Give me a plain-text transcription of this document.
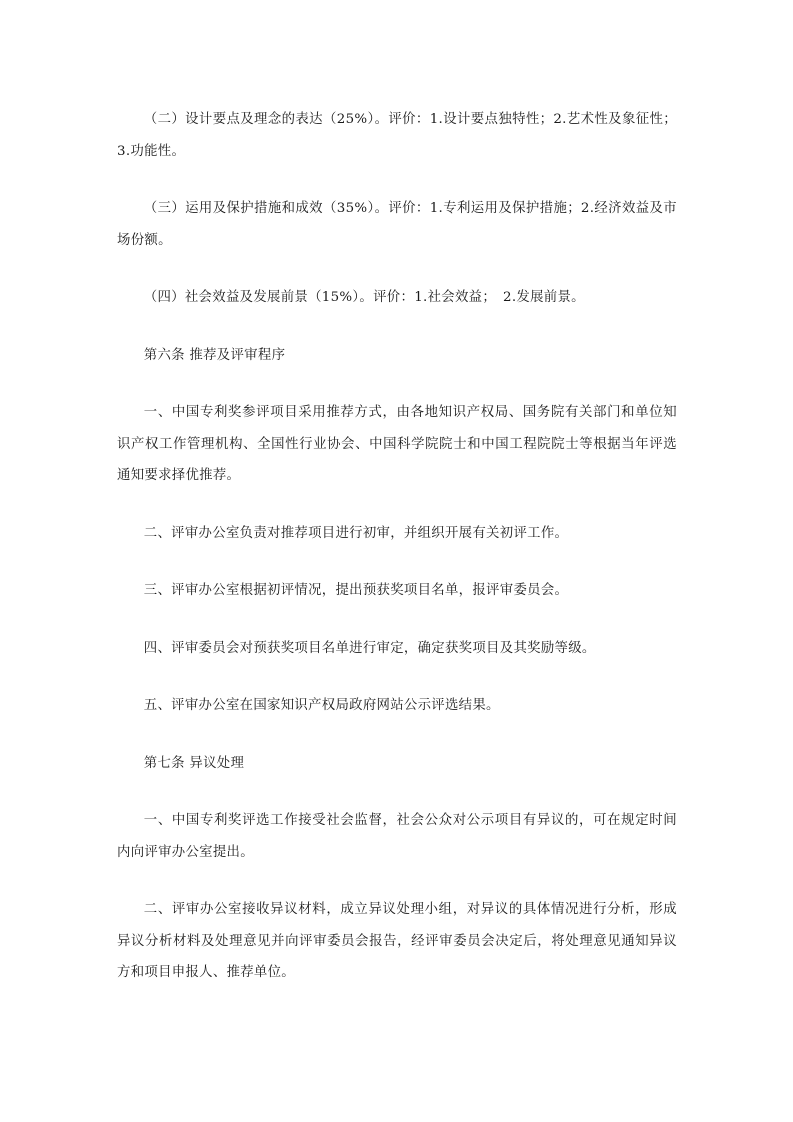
（二）设计要点及理念的表达（25%）。评价：1.设计要点独特性；2.艺术性及象征性；3.功能性。

（三）运用及保护措施和成效（35%）。评价：1.专利运用及保护措施；2.经济效益及市场份额。

（四）社会效益及发展前景（15%）。评价：1.社会效益；　2.发展前景。

第六条 推荐及评审程序

一、中国专利奖参评项目采用推荐方式，由各地知识产权局、国务院有关部门和单位知识产权工作管理机构、全国性行业协会、中国科学院院士和中国工程院院士等根据当年评选通知要求择优推荐。

二、评审办公室负责对推荐项目进行初审，并组织开展有关初评工作。

三、评审办公室根据初评情况，提出预获奖项目名单，报评审委员会。

四、评审委员会对预获奖项目名单进行审定，确定获奖项目及其奖励等级。

五、评审办公室在国家知识产权局政府网站公示评选结果。

第七条 异议处理

一、中国专利奖评选工作接受社会监督，社会公众对公示项目有异议的，可在规定时间内向评审办公室提出。

二、评审办公室接收异议材料，成立异议处理小组，对异议的具体情况进行分析，形成异议分析材料及处理意见并向评审委员会报告，经评审委员会决定后，将处理意见通知异议方和项目申报人、推荐单位。
